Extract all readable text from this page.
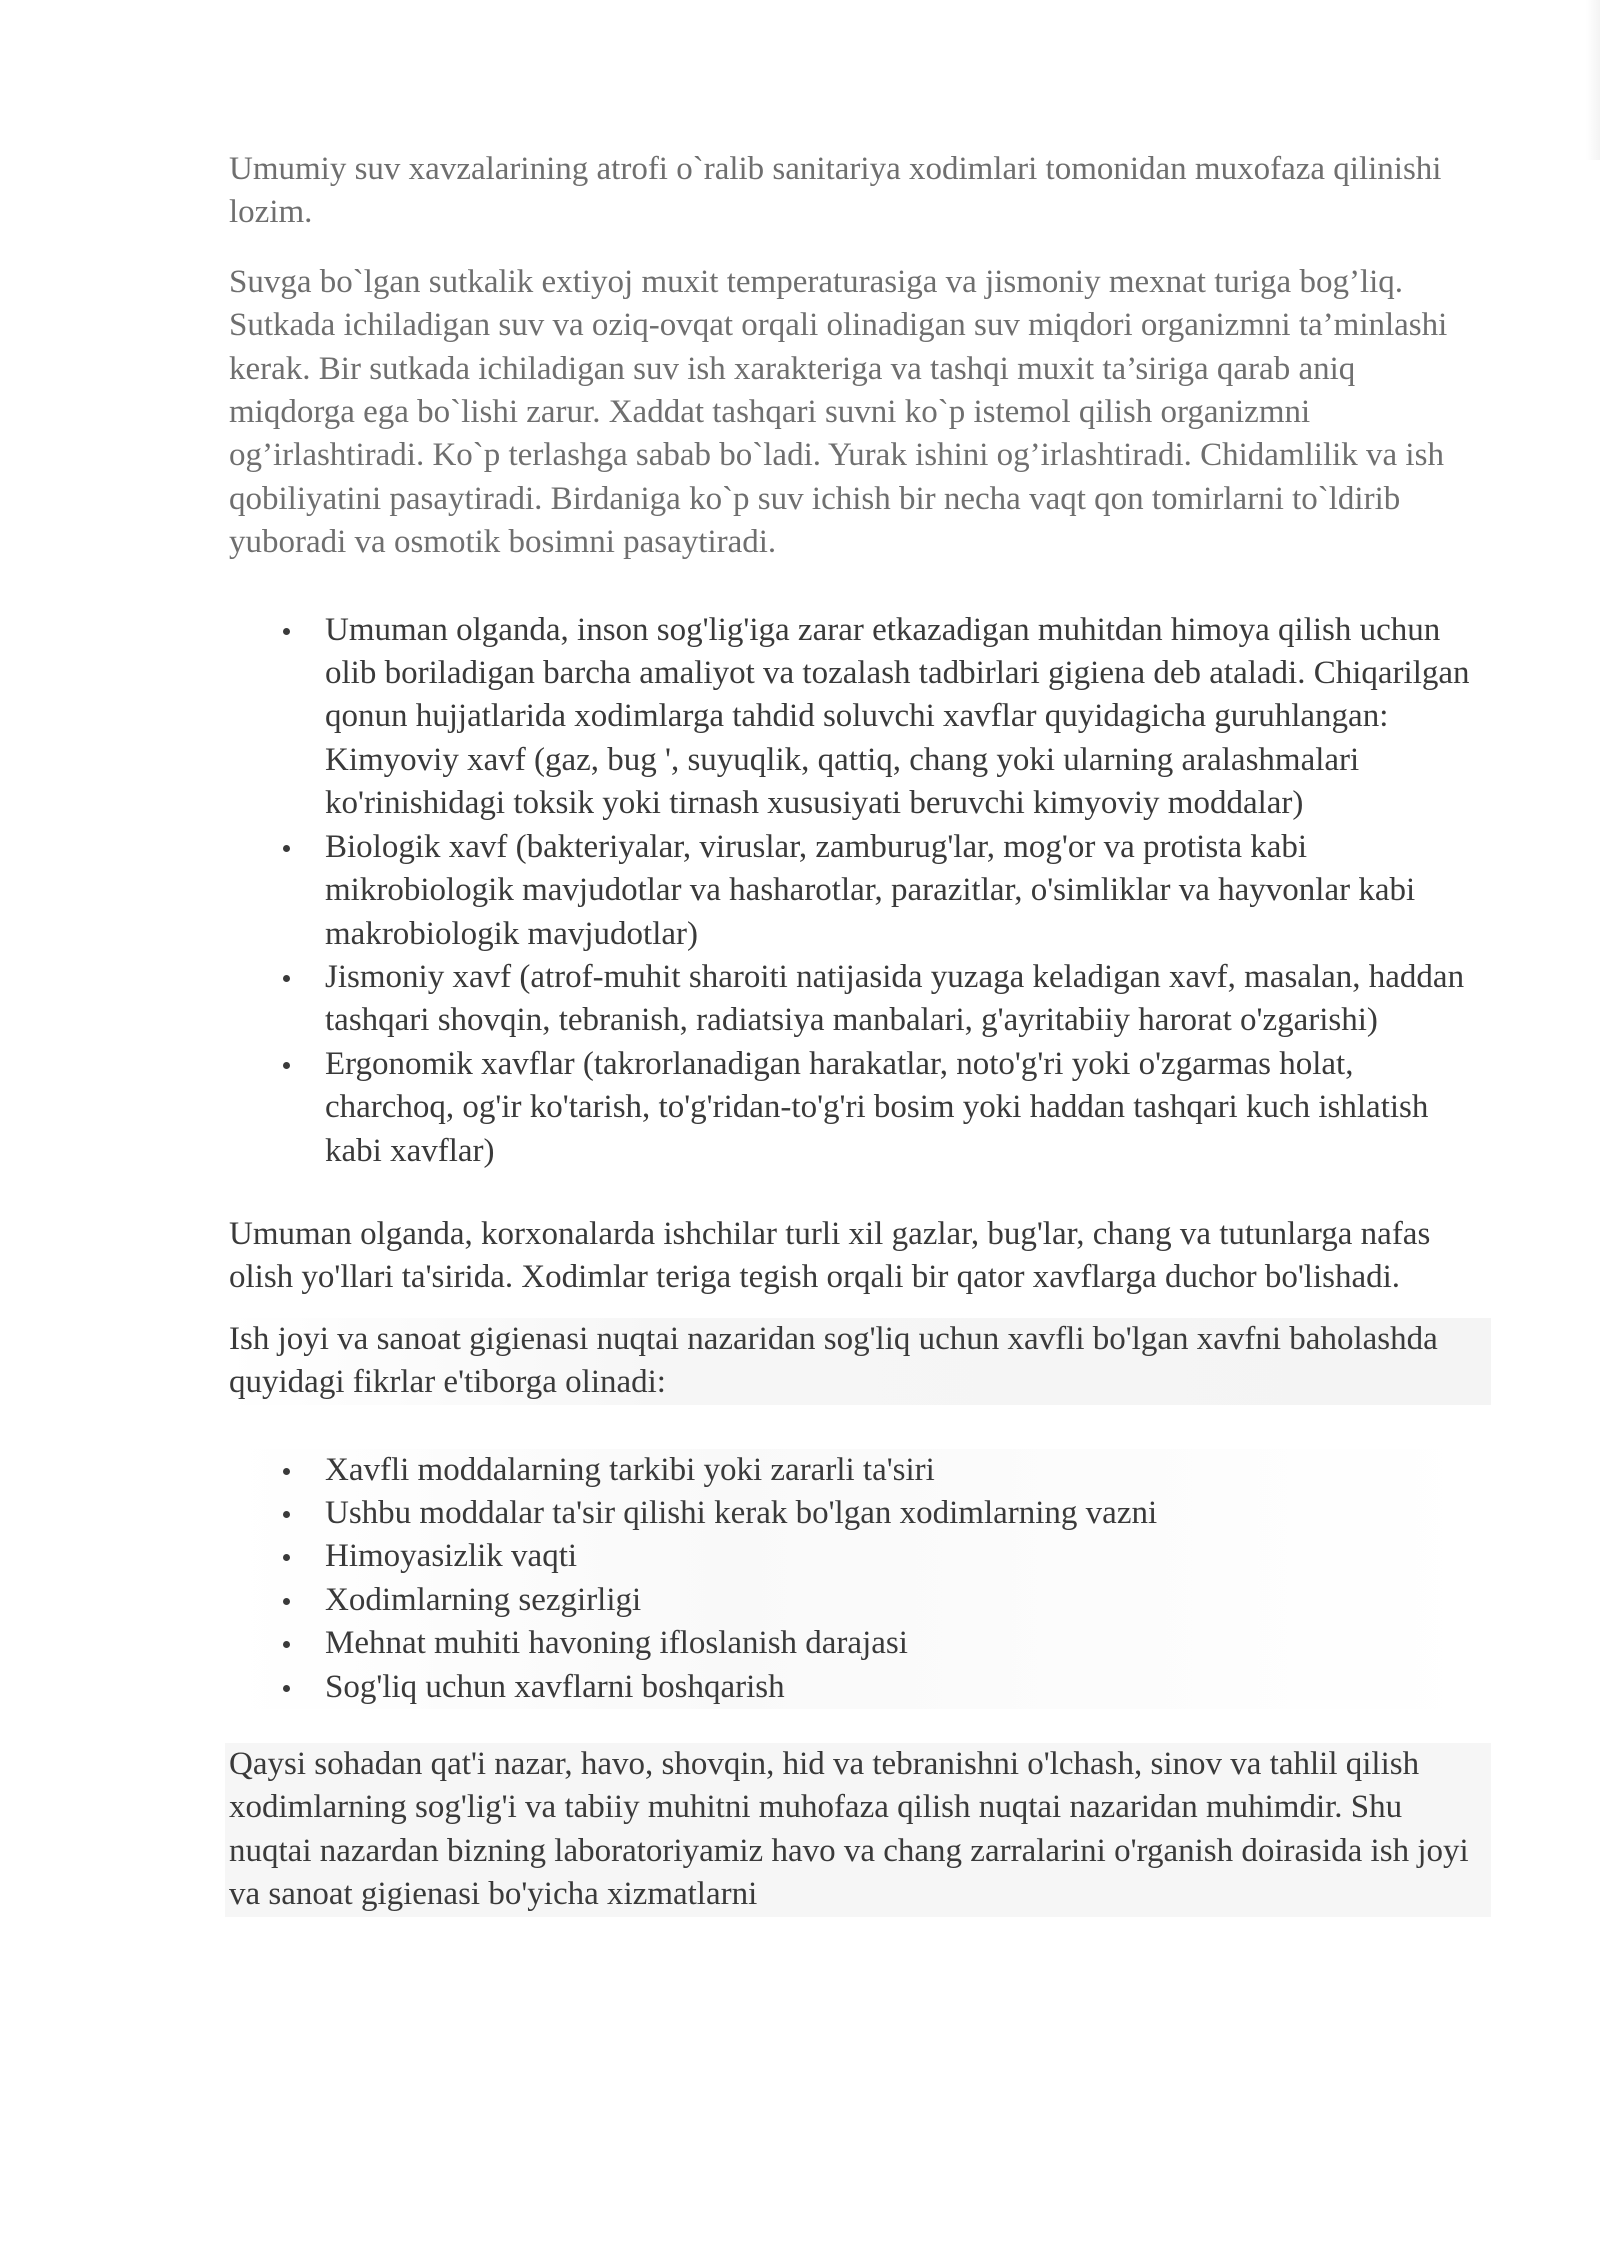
Umumiy suv xavzalarining atrofi o`ralib sanitariya xodimlari tomonidan muxofaza qilinishi lozim.

Suvga bo`lgan sutkalik extiyoj muxit temperaturasiga va jismoniy mexnat turiga bog’liq. Sutkada ichiladigan suv va oziq-ovqat orqali olinadigan suv miqdori organizmni ta’minlashi kerak. Bir sutkada ichiladigan suv ish xarakteriga va tashqi muxit ta’siriga qarab aniq miqdorga ega bo`lishi zarur. Xaddat tashqari suvni ko`p istemol qilish organizmni og’irlashtiradi. Ko`p terlashga sabab bo`ladi. Yurak ishini og’irlashtiradi. Chidamlilik va ish qobiliyatini pasaytiradi. Birdaniga ko`p suv ichish bir necha vaqt qon tomirlarni to`ldirib yuboradi va osmotik bosimni pasaytiradi.

Umuman olganda, inson sog'lig'iga zarar etkazadigan muhitdan himoya qilish uchun olib boriladigan barcha amaliyot va tozalash tadbirlari gigiena deb ataladi. Chiqarilgan qonun hujjatlarida xodimlarga tahdid soluvchi xavflar quyidagicha guruhlangan: Kimyoviy xavf (gaz, bug ', suyuqlik, qattiq, chang yoki ularning aralashmalari ko'rinishidagi toksik yoki tirnash xususiyati beruvchi kimyoviy moddalar)
Biologik xavf (bakteriyalar, viruslar, zamburug'lar, mog'or va protista kabi mikrobiologik mavjudotlar va hasharotlar, parazitlar, o'simliklar va hayvonlar kabi makrobiologik mavjudotlar)
Jismoniy xavf (atrof-muhit sharoiti natijasida yuzaga keladigan xavf, masalan, haddan tashqari shovqin, tebranish, radiatsiya manbalari, g'ayritabiiy harorat o'zgarishi)
Ergonomik xavflar (takrorlanadigan harakatlar, noto'g'ri yoki o'zgarmas holat, charchoq, og'ir ko'tarish, to'g'ridan-to'g'ri bosim yoki haddan tashqari kuch ishlatish kabi xavflar)

Umuman olganda, korxonalarda ishchilar turli xil gazlar, bug'lar, chang va tutunlarga nafas olish yo'llari ta'sirida. Xodimlar teriga tegish orqali bir qator xavflarga duchor bo'lishadi.

Ish joyi va sanoat gigienasi nuqtai nazaridan sog'liq uchun xavfli bo'lgan xavfni baholashda quyidagi fikrlar e'tiborga olinadi:

Xavfli moddalarning tarkibi yoki zararli ta'siri
Ushbu moddalar ta'sir qilishi kerak bo'lgan xodimlarning vazni
Himoyasizlik vaqti
Xodimlarning sezgirligi
Mehnat muhiti havoning ifloslanish darajasi
Sog'liq uchun xavflarni boshqarish

Qaysi sohadan qat'i nazar, havo, shovqin, hid va tebranishni o'lchash, sinov va tahlil qilish xodimlarning sog'lig'i va tabiiy muhitni muhofaza qilish nuqtai nazaridan muhimdir. Shu nuqtai nazardan bizning laboratoriyamiz havo va chang zarralarini o'rganish doirasida ish joyi va sanoat gigienasi bo'yicha xizmatlarni
